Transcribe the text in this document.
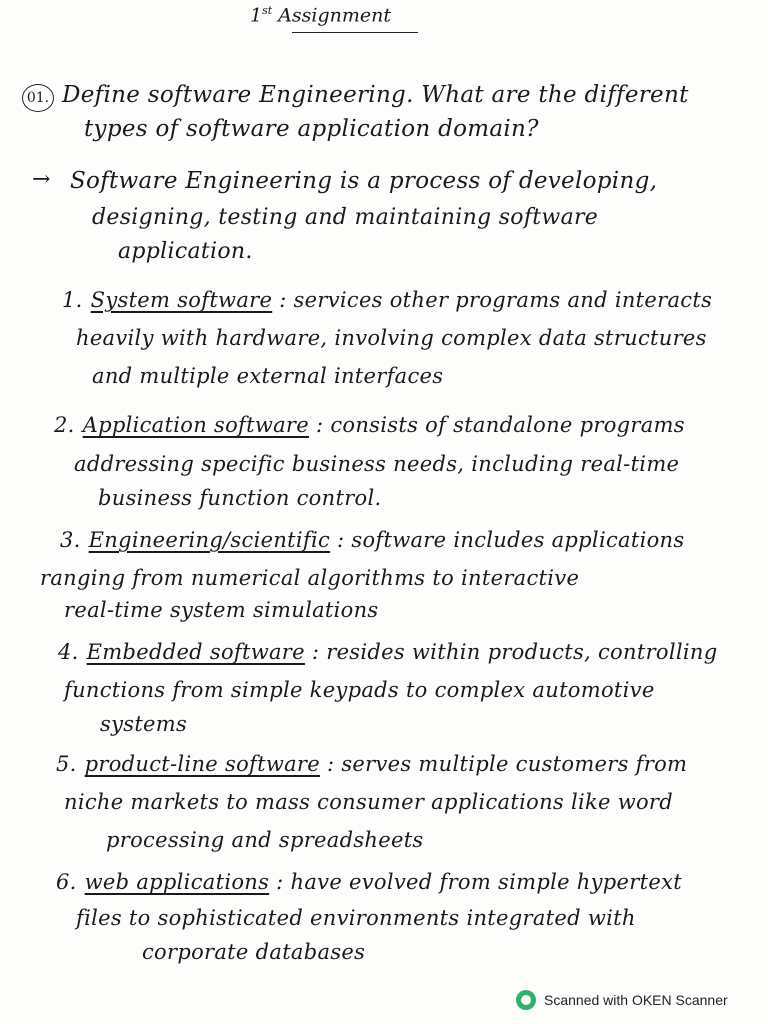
1st Assignment
01. Define software Engineering. What are the different
types of software application domain?
→ Software Engineering is a process of developing,
designing, testing and maintaining software
application.
1. System software : services other programs and interacts
heavily with hardware, involving complex data structures
and multiple external interfaces
2. Application software : consists of standalone programs
addressing specific business needs, including real-time
business function control.
3. Engineering/scientific : software includes applications
ranging from numerical algorithms to interactive
real-time system simulations
4. Embedded software : resides within products, controlling
functions from simple keypads to complex automotive
systems
5. product-line software : serves multiple customers from
niche markets to mass consumer applications like word
processing and spreadsheets
6. web applications : have evolved from simple hypertext
files to sophisticated environments integrated with
corporate databases
Scanned with OKEN Scanner
